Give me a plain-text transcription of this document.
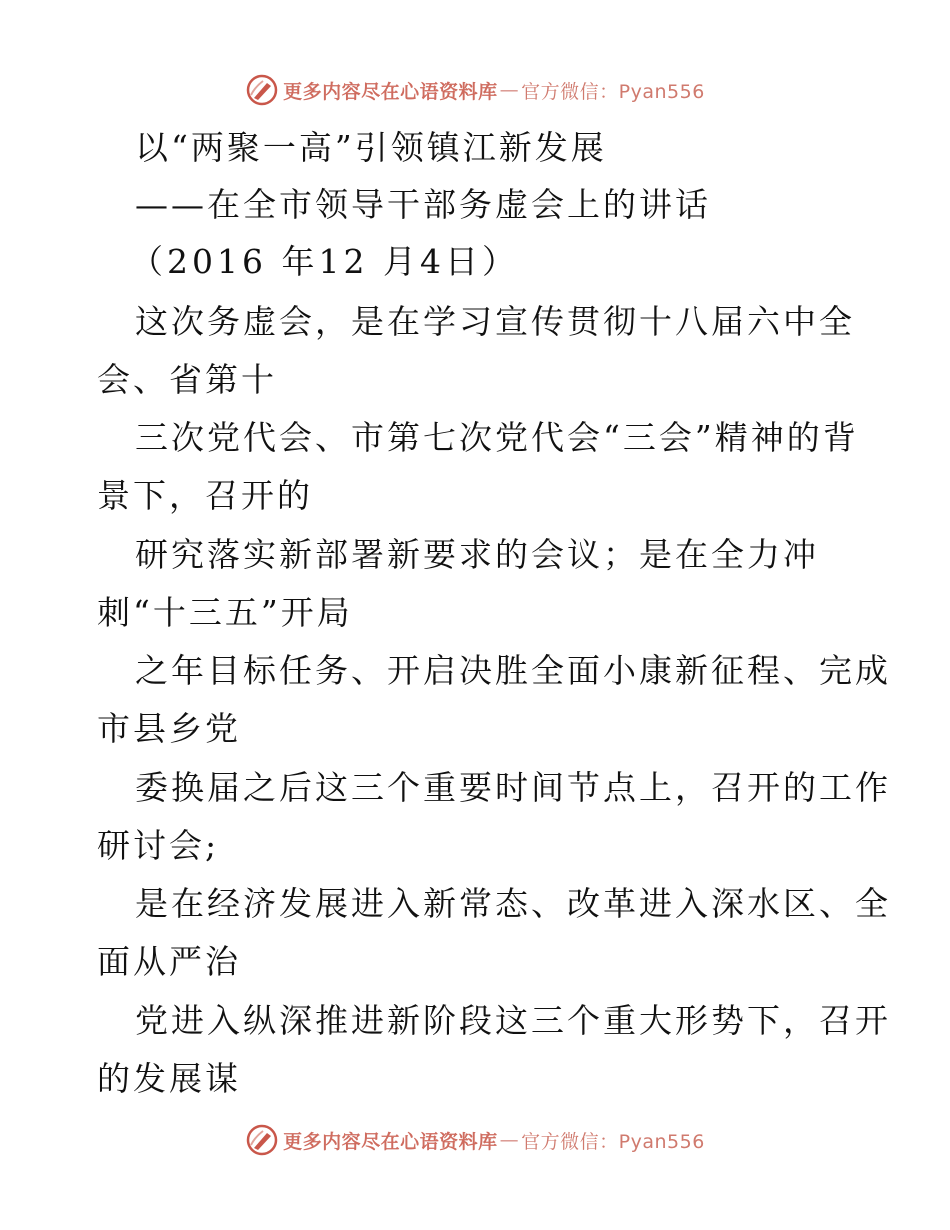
更多内容尽在心语资料库 — 官方微信：Pyan556
以“两聚一高”引领镇江新发展
——在全市领导干部务虚会上的讲话
（2016 年12 月4日）
这次务虚会，是在学习宣传贯彻十八届六中全
会、省第十
三次党代会、市第七次党代会“三会”精神的背
景下，召开的
研究落实新部署新要求的会议；是在全力冲
刺“十三五”开局
之年目标任务、开启决胜全面小康新征程、完成
市县乡党
委换届之后这三个重要时间节点上，召开的工作
研讨会;
是在经济发展进入新常态、改革进入深水区、全
面从严治
党进入纵深推进新阶段这三个重大形势下，召开
的发展谋
更多内容尽在心语资料库 — 官方微信：Pyan556
